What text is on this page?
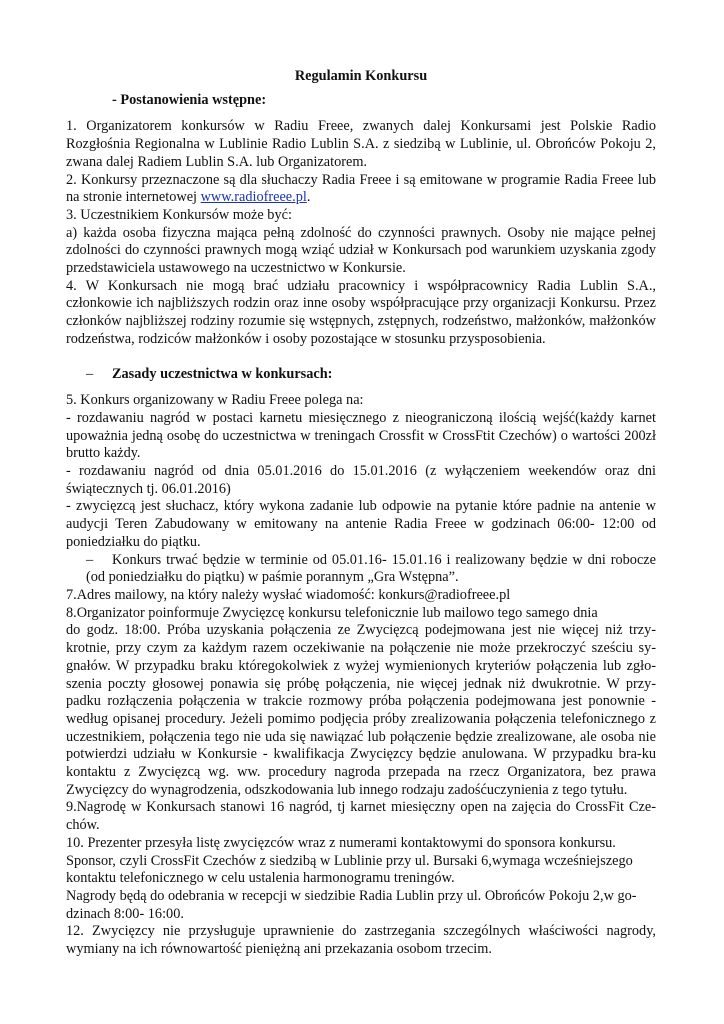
Regulamin Konkursu

- Postanowienia wstępne:

1. Organizatorem konkursów w Radiu Freee, zwanych dalej Konkursami jest Polskie Radio Rozgłośnia Regionalna w Lublinie Radio Lublin S.A. z siedzibą w Lublinie, ul. Obrońców Pokoju 2, zwana dalej Radiem Lublin S.A. lub Organizatorem.

2. Konkursy przeznaczone są dla słuchaczy Radia Freee i są emitowane w programie Radia Freee lub na stronie internetowej www.radiofreee.pl.

3. Uczestnikiem Konkursów może być:

a) każda osoba fizyczna mająca pełną zdolność do czynności prawnych. Osoby nie mające pełnej zdolności do czynności prawnych mogą wziąć udział w Konkursach pod warunkiem uzyskania zgody przedstawiciela ustawowego na uczestnictwo w Konkursie.

4. W Konkursach nie mogą brać udziału pracownicy i współpracownicy Radia Lublin S.A., członkowie ich najbliższych rodzin oraz inne osoby współpracujące przy organizacji Konkursu. Przez członków najbliższej rodziny rozumie się wstępnych, zstępnych, rodzeństwo, małżonków, małżonków rodzeństwa, rodziców małżonków i osoby pozostające w stosunku przysposobienia.

– Zasady uczestnictwa w konkursach:

5. Konkurs organizowany w Radiu Freee polega na:

- rozdawaniu nagród w postaci karnetu miesięcznego z nieograniczoną ilością wejść(każdy karnet upoważnia jedną osobę do uczestnictwa w treningach Crossfit w CrossFtit Czechów) o wartości 200zł brutto każdy.

- rozdawaniu nagród od dnia 05.01.2016 do 15.01.2016 (z wyłączeniem weekendów oraz dni świątecznych tj. 06.01.2016)

- zwycięzcą jest słuchacz, który wykona zadanie lub odpowie na pytanie które padnie na antenie w audycji Teren Zabudowany w emitowany na antenie Radia Freee w godzinach 06:00- 12:00 od poniedziałku do piątku.

– Konkurs trwać będzie w terminie od 05.01.16- 15.01.16 i realizowany będzie w dni robocze (od poniedziałku do piątku) w paśmie porannym „Gra Wstępna”.

7.Adres mailowy, na który należy wysłać wiadomość: konkurs@radiofreee.pl

8.Organizator poinformuje Zwycięzcę konkursu telefonicznie lub mailowo tego samego dnia

do godz. 18:00. Próba uzyskania połączenia ze Zwycięzcą podejmowana jest nie więcej niż trzy-krotnie, przy czym za każdym razem oczekiwanie na połączenie nie może przekroczyć sześciu sy-gnałów. W przypadku braku któregokolwiek z wyżej wymienionych kryteriów połączenia lub zgło-szenia poczty głosowej ponawia się próbę połączenia, nie więcej jednak niż dwukrotnie. W przy-padku rozłączenia połączenia w trakcie rozmowy próba połączenia podejmowana jest ponownie - według opisanej procedury. Jeżeli pomimo podjęcia próby zrealizowania połączenia telefonicznego z uczestnikiem, połączenia tego nie uda się nawiązać lub połączenie będzie zrealizowane, ale osoba nie potwierdzi udziału w Konkursie - kwalifikacja Zwycięzcy będzie anulowana. W przypadku bra-ku kontaktu z Zwycięzcą wg. ww. procedury nagroda przepada na rzecz Organizatora, bez prawa Zwycięzcy do wynagrodzenia, odszkodowania lub innego rodzaju zadośćuczynienia z tego tytułu.

9.Nagrodę w Konkursach stanowi 16 nagród, tj karnet miesięczny open na zajęcia do CrossFit Cze-chów.

10. Prezenter przesyła listę zwycięzców wraz z numerami kontaktowymi do sponsora konkursu.

Sponsor, czyli CrossFit Czechów z siedzibą w Lublinie przy ul. Bursaki 6,wymaga wcześniejszego kontaktu telefonicznego w celu ustalenia harmonogramu treningów.

Nagrody będą do odebrania w recepcji w siedzibie Radia Lublin przy ul. Obrońców Pokoju 2,w go-dzinach 8:00- 16:00.

12. Zwycięzcy nie przysługuje uprawnienie do zastrzegania szczególnych właściwości nagrody, wymiany na ich równowartość pieniężną ani przekazania osobom trzecim.
